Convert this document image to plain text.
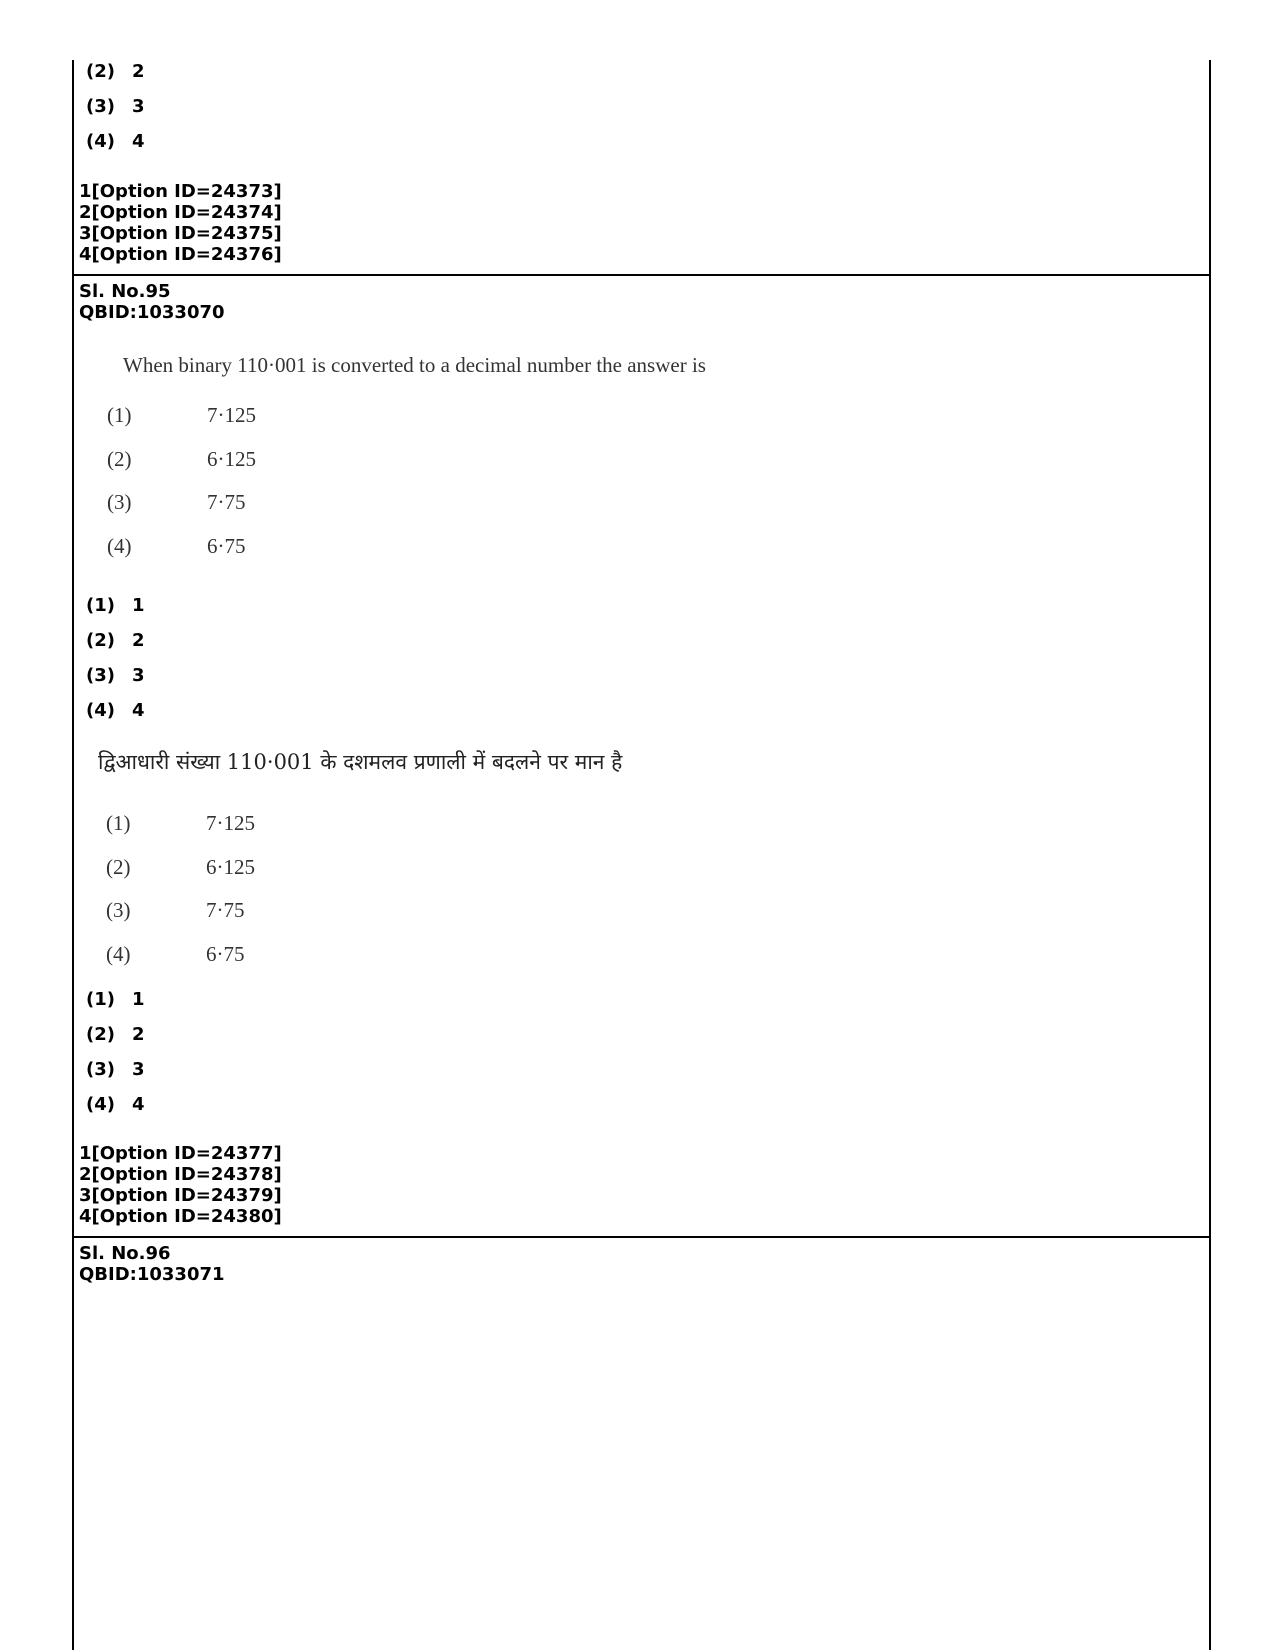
(2) 2
(3) 3
(4) 4
1[Option ID=24373]
2[Option ID=24374]
3[Option ID=24375]
4[Option ID=24376]
Sl. No.95
QBID:1033070
When binary 110·001 is converted to a decimal number the answer is
(1)	7·125
(2)	6·125
(3)	7·75
(4)	6·75
(1) 1
(2) 2
(3) 3
(4) 4
द्विआधारी संख्या 110·001 के दशमलव प्रणाली में बदलने पर मान है
(1)	7·125
(2)	6·125
(3)	7·75
(4)	6·75
(1) 1
(2) 2
(3) 3
(4) 4
1[Option ID=24377]
2[Option ID=24378]
3[Option ID=24379]
4[Option ID=24380]
Sl. No.96
QBID:1033071
